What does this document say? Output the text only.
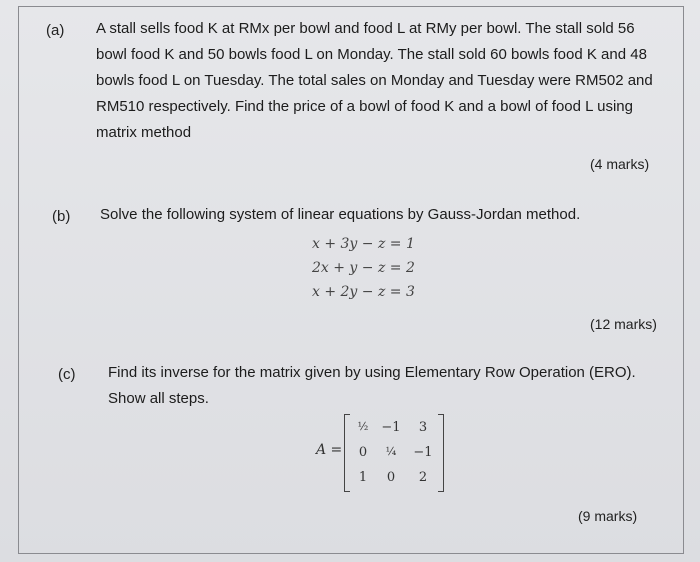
(a) A stall sells food K at RMx per bowl and food L at RMy per bowl. The stall sold 56
bowl food K and 50 bowls food L on Monday. The stall sold 60 bowls food K and 48
bowls food L on Tuesday. The total sales on Monday and Tuesday were RM502 and
RM510 respectively. Find the price of a bowl of food K and a bowl of food L using
matrix method
(4 marks)
(b) Solve the following system of linear equations by Gauss-Jordan method.
x + 3y − z = 1
2x + y − z = 2
x + 2y − z = 3
(12 marks)
(c) Find its inverse for the matrix given by using Elementary Row Operation (ERO).
Show all steps.
A =
½	−1	3
0	¼	−1
1	0	2
(9 marks)
